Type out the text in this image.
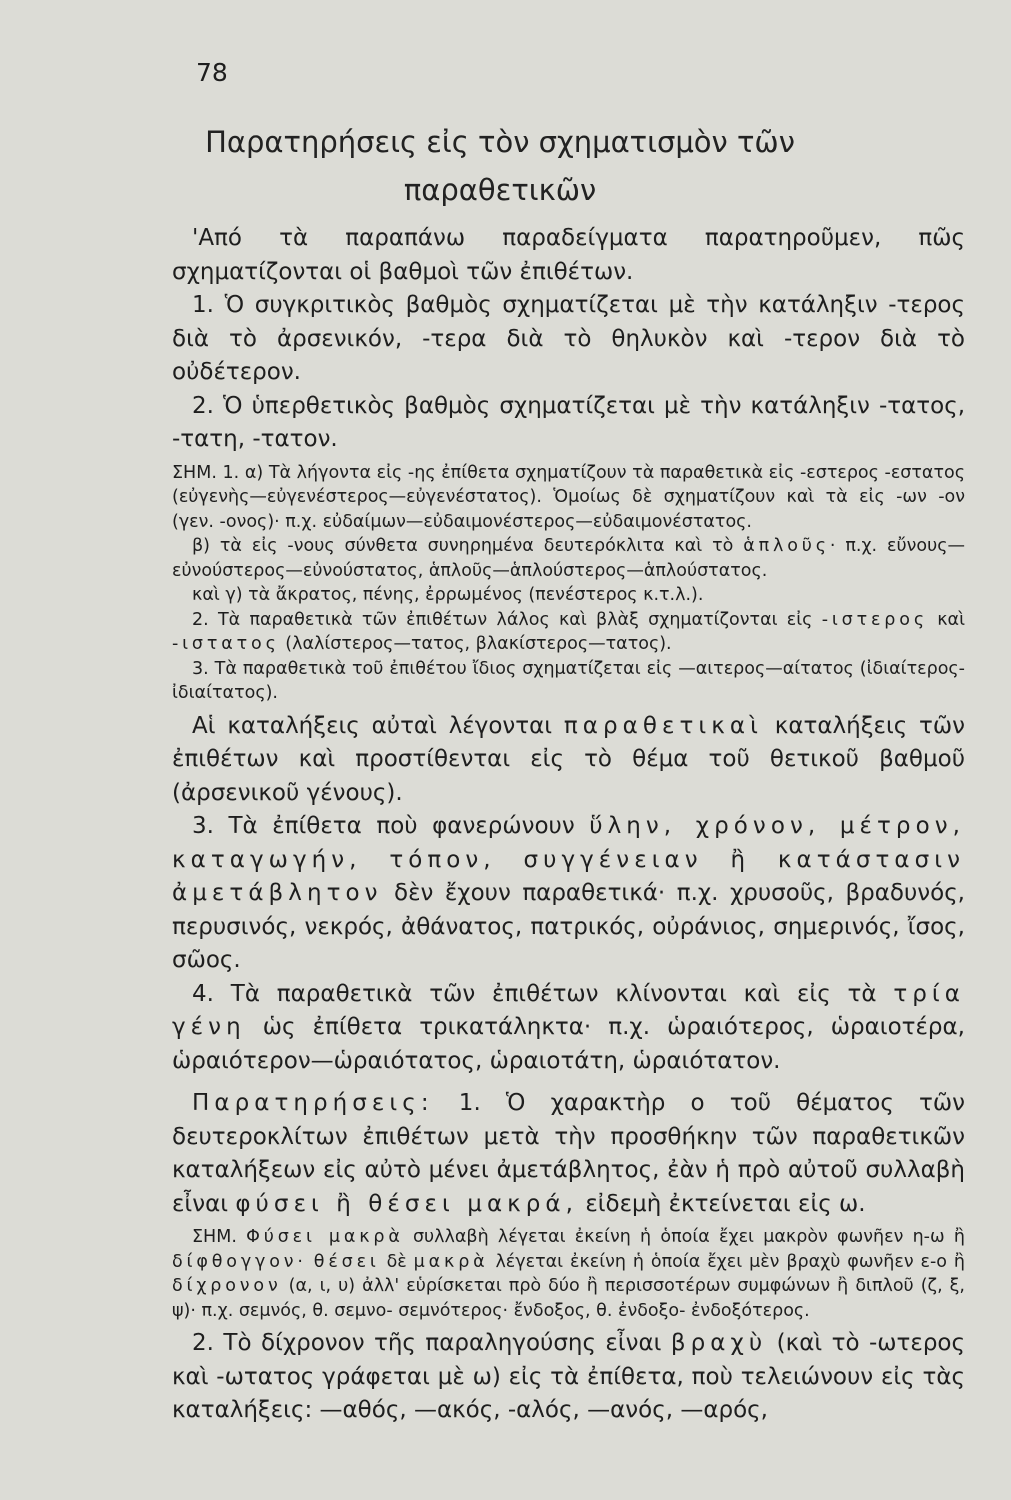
78
Παρατηρήσεις εἰς τὸν σχηματισμὸν τῶν
παραθετικῶν

'Από τὰ παραπάνω παραδείγματα παρατηροῦμεν, πῶς σχηματίζονται οἱ βαθμοὶ τῶν ἐπιθέτων.

1. Ὁ συγκριτικὸς βαθμὸς σχηματίζεται μὲ τὴν κατάληξιν -τερος διὰ τὸ ἀρσενικόν, -τερα διὰ τὸ θηλυκὸν καὶ -τερον διὰ τὸ οὐδέτερον.

2. Ὁ ὑπερθετικὸς βαθμὸς σχηματίζεται μὲ τὴν κατάληξιν -τατος, -τατη, -τατον.

ΣΗΜ. 1. α) Τὰ λήγοντα εἰς -ης ἐπίθετα σχηματίζουν τὰ παραθετικὰ εἰς -εστερος -εστατος (εὐγενὴς—εὐγενέστερος—εὐγενέστατος). Ὁμοίως δὲ σχηματίζουν καὶ τὰ εἰς -ων -ον (γεν. -ονος)· π.χ. εὐδαίμων—εὐδαιμονέστερος—εὐδαιμονέστατος.

β) τὰ εἰς -νους σύνθετα συνηρημένα δευτερόκλιτα καὶ τὸ ἁπλοῦς· π.χ. εὔνους—εὐνούστερος—εὐνούστατος, ἁπλοῦς—ἁπλούστερος—ἁπλούστατος.

καὶ γ) τὰ ἄκρατος, πένης, ἐρρωμένος (πενέστερος κ.τ.λ.).

2. Τὰ παραθετικὰ τῶν ἐπιθέτων λάλος καὶ βλὰξ σχηματίζονται εἰς -ιστερος καὶ -ιστατος (λαλίστερος—τατος, βλακίστερος—τατος).

3. Τὰ παραθετικὰ τοῦ ἐπιθέτου ἴδιος σχηματίζεται εἰς —αιτερος—αίτατος (ἰδιαίτερος-ἰδιαίτατος).

Αἱ καταλήξεις αὐταὶ λέγονται παραθετικαὶ καταλήξεις τῶν ἐπιθέτων καὶ προστίθενται εἰς τὸ θέμα τοῦ θετικοῦ βαθμοῦ (ἀρσενικοῦ γένους).

3. Τὰ ἐπίθετα ποὺ φανερώνουν ὕλην, χρόνον, μέτρον, καταγωγήν, τόπον, συγγένειαν ἢ κατάστασιν ἀμετάβλητον δὲν ἔχουν παραθετικά· π.χ. χρυσοῦς, βραδυνός, περυσινός, νεκρός, ἀθάνατος, πατρικός, οὐράνιος, σημερινός, ἴσος, σῶος.

4. Τὰ παραθετικὰ τῶν ἐπιθέτων κλίνονται καὶ εἰς τὰ τρία γένη ὡς ἐπίθετα τρικατάληκτα· π.χ. ὡραιότερος, ὡραιοτέρα, ὡραιότερον—ὡραιότατος, ὡραιοτάτη, ὡραιότατον.

Παρατηρήσεις: 1. Ὁ χαρακτὴρ ο τοῦ θέματος τῶν δευτεροκλίτων ἐπιθέτων μετὰ τὴν προσθήκην τῶν παραθετικῶν καταλήξεων εἰς αὐτὸ μένει ἀμετάβλητος, ἐὰν ἡ πρὸ αὐτοῦ συλλαβὴ εἶναι φύσει ἢ θέσει μακρά, εἰδεμὴ ἐκτείνεται εἰς ω.

ΣΗΜ. Φύσει μακρὰ συλλαβὴ λέγεται ἐκείνη ἡ ὁποία ἔχει μακρὸν φωνῆεν η-ω ἢ δίφθογγον· θέσει δὲ μακρὰ λέγεται ἐκείνη ἡ ὁποία ἔχει μὲν βραχὺ φωνῆεν ε-ο ἢ δίχρονον (α, ι, υ) ἀλλ' εὑρίσκεται πρὸ δύο ἢ περισσοτέρων συμφώνων ἢ διπλοῦ (ζ, ξ, ψ)· π.χ. σεμνός, θ. σεμνο- σεμνότερος· ἔνδοξος, θ. ἐνδοξο- ἐνδοξότερος.

2. Τὸ δίχρονον τῆς παραληγούσης εἶναι βραχὺ (καὶ τὸ -ωτερος καὶ -ωτατος γράφεται μὲ ω) εἰς τὰ ἐπίθετα, ποὺ τελειώνουν εἰς τὰς καταλήξεις: —αθός, —ακός, -αλός, —ανός, —αρός,
